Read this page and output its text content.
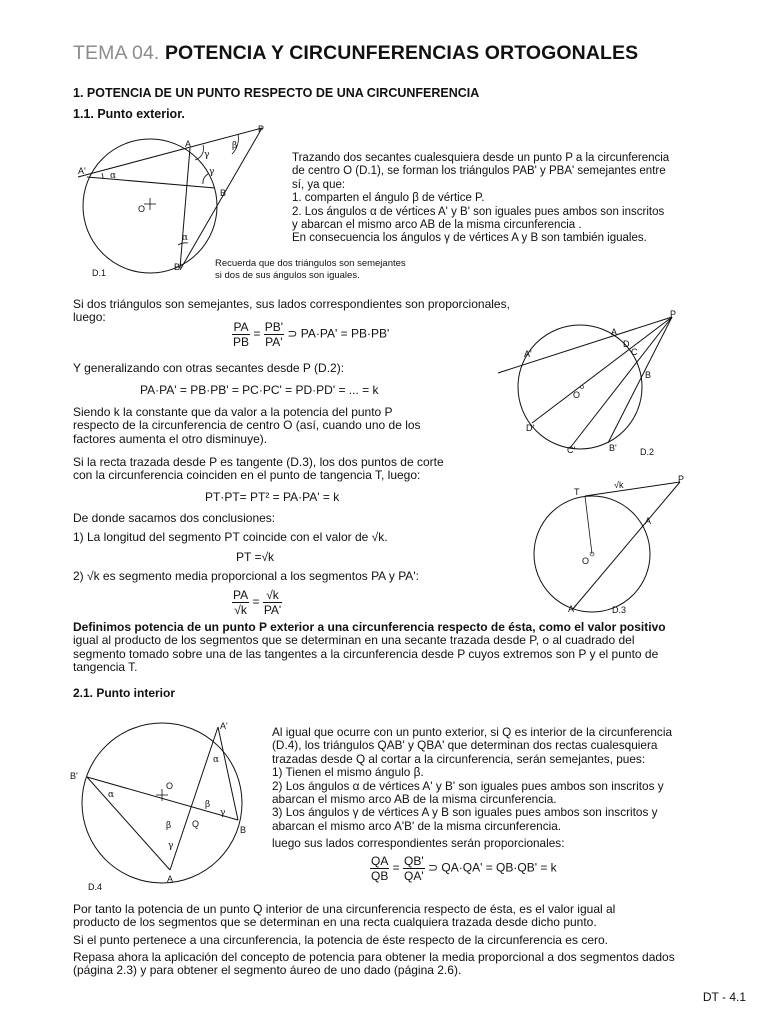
TEMA 04. POTENCIA Y CIRCUNFERENCIAS ORTOGONALES
1. POTENCIA DE UN PUNTO RESPECTO DE UNA CIRCUNFERENCIA
1.1. Punto exterior.
P
A
A'
B
B'
O
α
α
β
γ
γ
D.1
Trazando dos secantes cualesquiera desde un punto P a la circunferencia
de centro O (D.1), se forman los triángulos PAB' y PBA' semejantes entre
sí, ya que:
1. comparten el ángulo β de vértice P.
2. Los ángulos α de vértices A' y B' son iguales pues ambos son inscritos
y abarcan el mismo arco AB de la misma circunferencia .
En consecuencia los ángulos γ de vértices A y B son también iguales.
Recuerda que dos triángulos son semejantes
si dos de sus ángulos son iguales.
Si dos triángulos son semejantes, sus lados correspondientes son proporcionales,
luego:
$\frac{PA}{PB} = \frac{PB'}{PA'}$ ⊃ PA·PA' = PB·PB'
Y generalizando con otras secantes desde P (D.2):
PA·PA' = PB·PB' = PC·PC' = PD·PD' = ... = k
Siendo k la constante que da valor a la potencia del punto P
respecto de la circunferencia de centro O (así, cuando uno de los
factores aumenta el otro disminuye).
Si la recta trazada desde P es tangente (D.3), los dos puntos de corte
con la circunferencia coinciden en el punto de tangencia T, luego:
PT·PT= PT² = PA·PA' = k
De donde sacamos dos conclusiones:
1) La longitud del segmento PT coincide con el valor de √k.
PT =√k
2) √k es segmento media proporcional a los segmentos PA y PA':
$\frac{PA}{√k} = \frac{√k}{PA'}$
P
A
A'
D
C
B
D'
C'	B'
O
D.2
T
P
A
A'
O
√k
D.3
Definimos potencia de un punto P exterior a una circunferencia respecto de ésta, como el valor positivo
igual al producto de los segmentos que se determinan en una secante trazada desde P, o al cuadrado del
segmento tomado sobre una de las tangentes a la circunferencia desde P cuyos extremos son P y el punto de
tangencia T.
2.1. Punto interior
A'
B'
B
A
Q
O
α
α
β
β
γ
γ
D.4
Al igual que ocurre con un punto exterior, si Q es interior de la circunferencia
(D.4), los triángulos QAB' y QBA' que determinan dos rectas cualesquiera
trazadas desde Q al cortar a la circunferencia, serán semejantes, pues:
1) Tienen el mismo ángulo β.
2) Los ángulos α de vértices A' y B' son iguales pues ambos son inscritos y
abarcan el mismo arco AB de la misma circunferencia.
3) Los ángulos γ de vértices A y B son iguales pues ambos son inscritos y
abarcan el mismo arco A'B' de la misma circunferencia.
luego sus lados correspondientes serán proporcionales:
$\frac{QA}{QB} = \frac{QB'}{QA'}$ ⊃ QA·QA' = QB·QB' = k
Por tanto la potencia de un punto Q interior de una circunferencia respecto de ésta, es el valor igual al
producto de los segmentos que se determinan en una recta cualquiera trazada desde dicho punto.
Si el punto pertenece a una circunferencia, la potencia de éste respecto de la circunferencia es cero.
Repasa ahora la aplicación del concepto de potencia para obtener la media proporcional a dos segmentos dados
(página 2.3) y para obtener el segmento áureo de uno dado (página 2.6).
DT - 4.1
